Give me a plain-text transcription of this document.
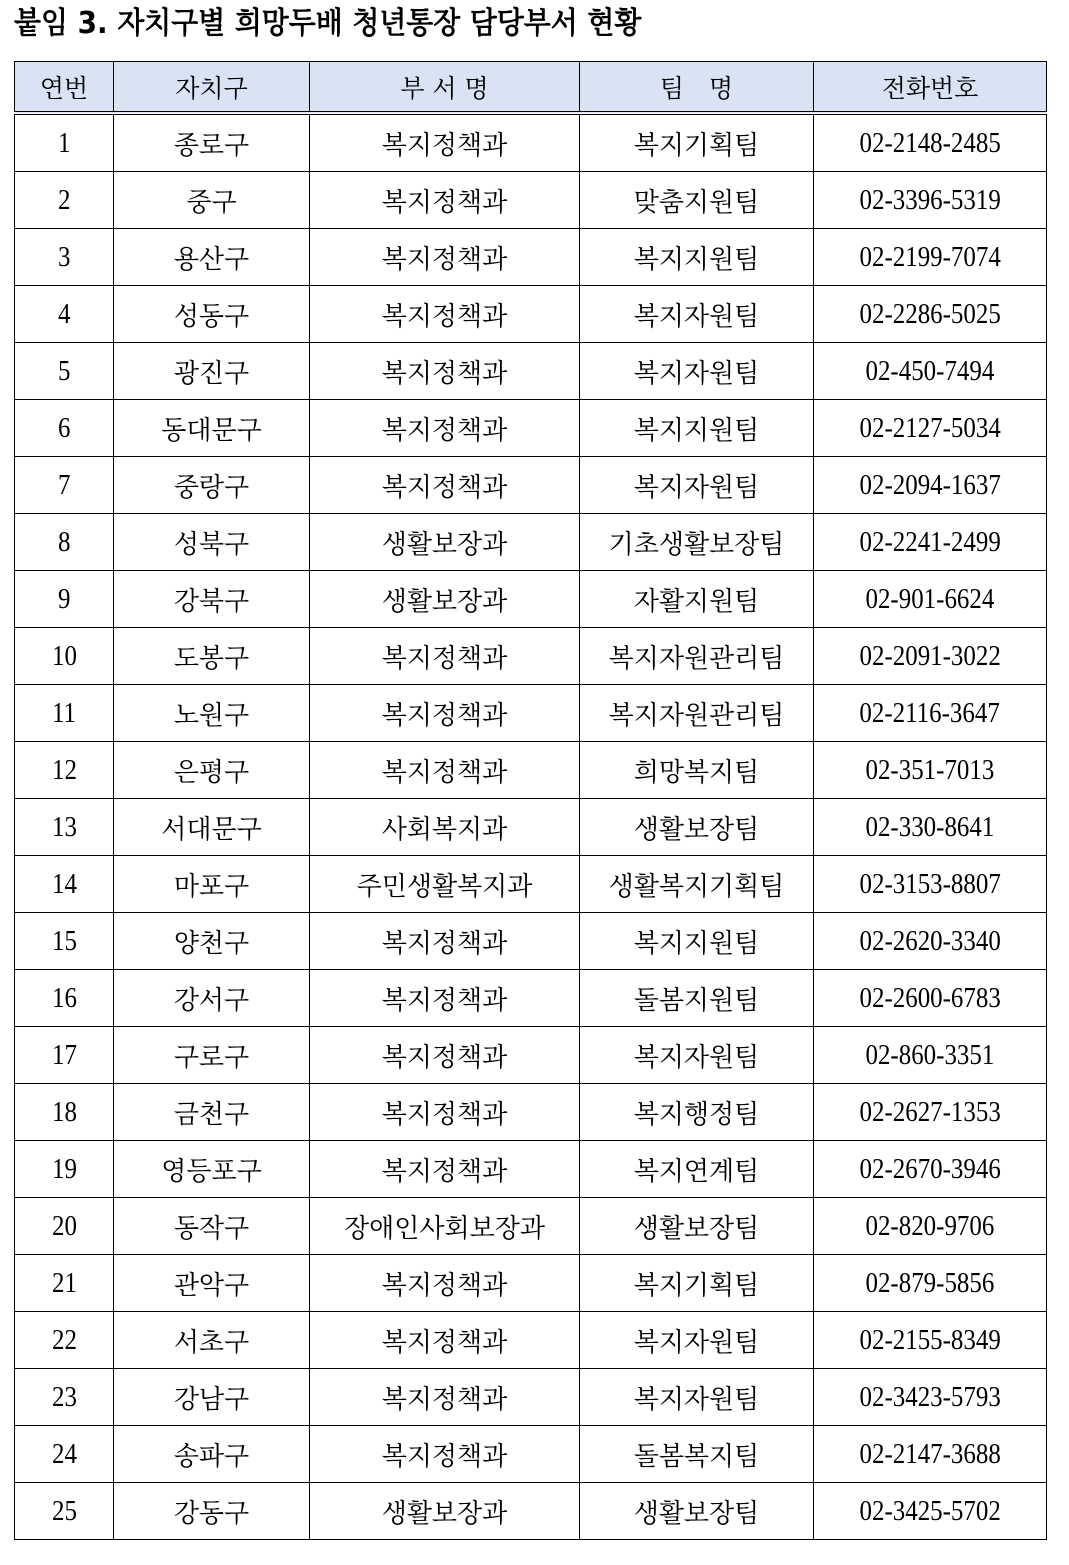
붙임 3. 자치구별 희망두배 청년통장 담당부서 현황
연번	자치구	부 서 명	팀　명	전화번호
1	종로구	복지정책과	복지기획팀	02-2148-2485
2	중구	복지정책과	맞춤지원팀	02-3396-5319
3	용산구	복지정책과	복지지원팀	02-2199-7074
4	성동구	복지정책과	복지자원팀	02-2286-5025
5	광진구	복지정책과	복지자원팀	02-450-7494
6	동대문구	복지정책과	복지지원팀	02-2127-5034
7	중랑구	복지정책과	복지자원팀	02-2094-1637
8	성북구	생활보장과	기초생활보장팀	02-2241-2499
9	강북구	생활보장과	자활지원팀	02-901-6624
10	도봉구	복지정책과	복지자원관리팀	02-2091-3022
11	노원구	복지정책과	복지자원관리팀	02-2116-3647
12	은평구	복지정책과	희망복지팀	02-351-7013
13	서대문구	사회복지과	생활보장팀	02-330-8641
14	마포구	주민생활복지과	생활복지기획팀	02-3153-8807
15	양천구	복지정책과	복지지원팀	02-2620-3340
16	강서구	복지정책과	돌봄지원팀	02-2600-6783
17	구로구	복지정책과	복지자원팀	02-860-3351
18	금천구	복지정책과	복지행정팀	02-2627-1353
19	영등포구	복지정책과	복지연계팀	02-2670-3946
20	동작구	장애인사회보장과	생활보장팀	02-820-9706
21	관악구	복지정책과	복지기획팀	02-879-5856
22	서초구	복지정책과	복지자원팀	02-2155-8349
23	강남구	복지정책과	복지자원팀	02-3423-5793
24	송파구	복지정책과	돌봄복지팀	02-2147-3688
25	강동구	생활보장과	생활보장팀	02-3425-5702
